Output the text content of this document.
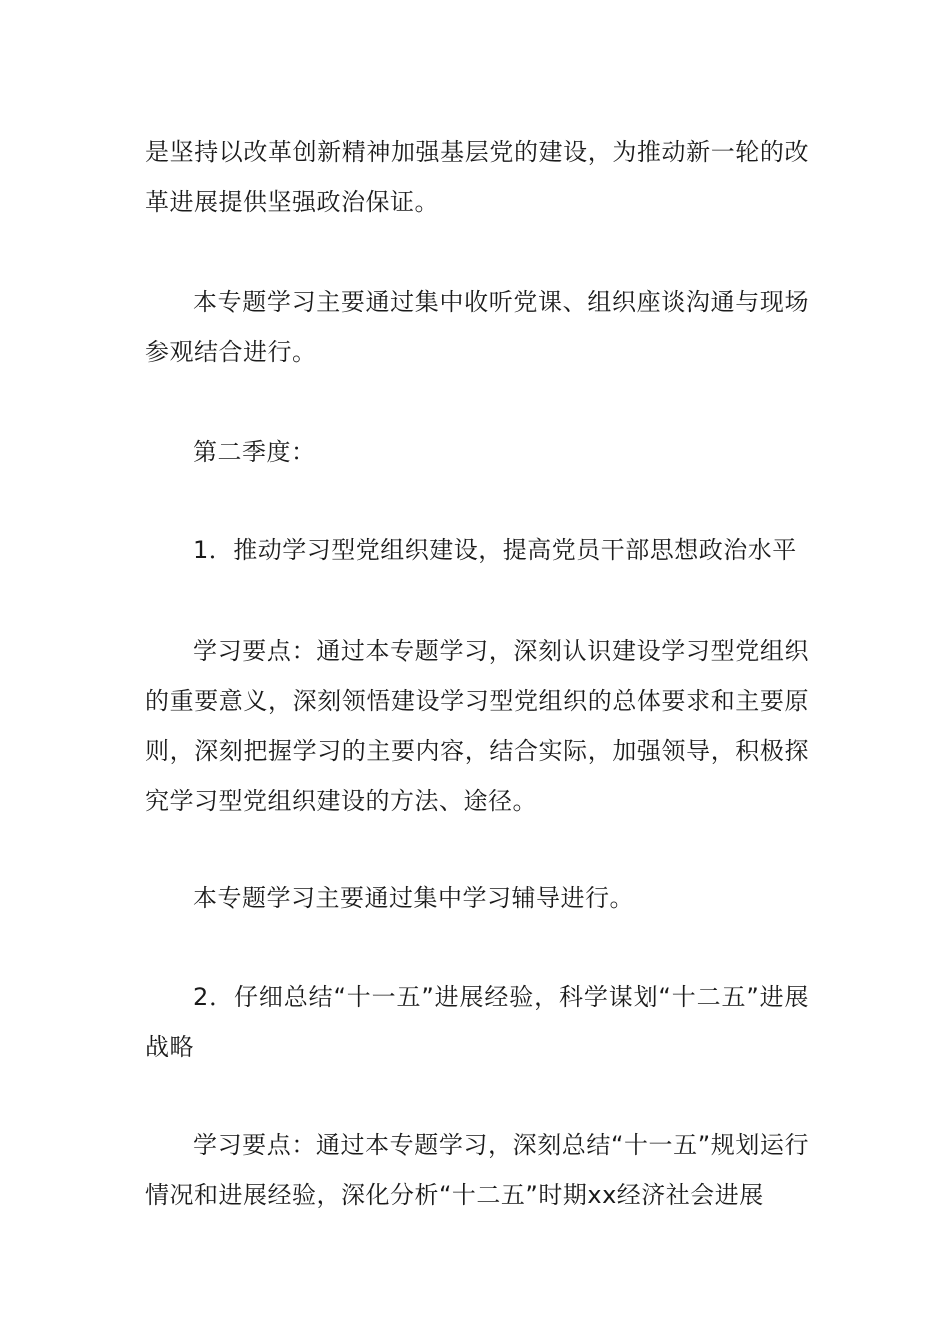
是坚持以改革创新精神加强基层党的建设，为推动新一轮的改革进展提供坚强政治保证。

本专题学习主要通过集中收听党课、组织座谈沟通与现场参观结合进行。

第二季度：

1．推动学习型党组织建设，提高党员干部思想政治水平

学习要点：通过本专题学习，深刻认识建设学习型党组织的重要意义，深刻领悟建设学习型党组织的总体要求和主要原则，深刻把握学习的主要内容，结合实际，加强领导，积极探究学习型党组织建设的方法、途径。

本专题学习主要通过集中学习辅导进行。

2．仔细总结“十一五”进展经验，科学谋划“十二五”进展战略

学习要点：通过本专题学习，深刻总结“十一五”规划运行情况和进展经验，深化分析“十二五”时期xx经济社会进展
